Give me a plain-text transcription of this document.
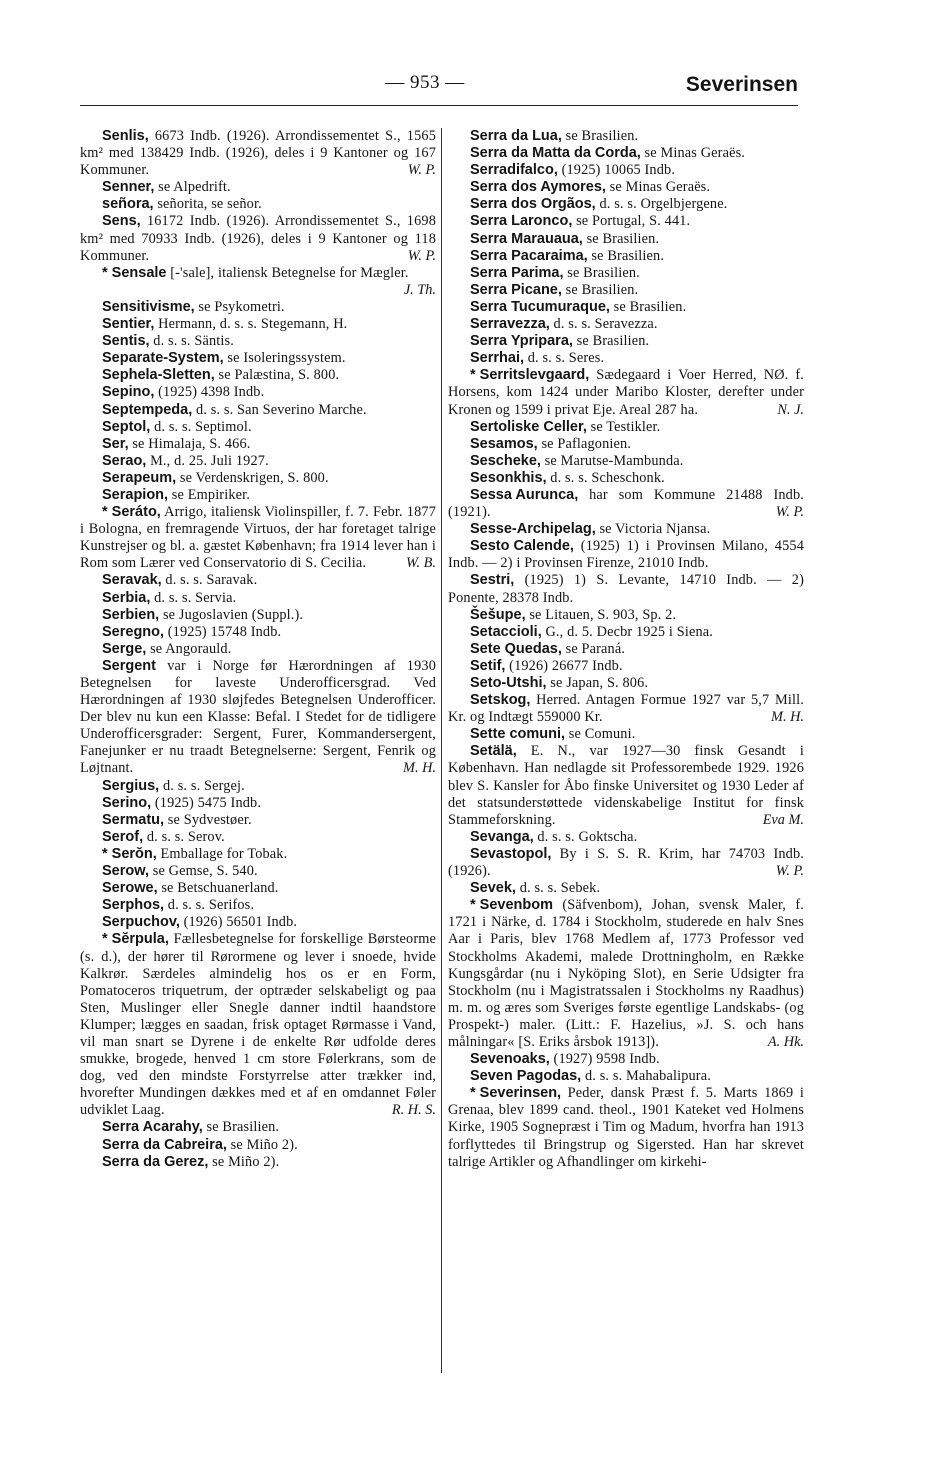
— 953 —	Severinsen

Senlis, 6673 Indb. (1926). Arrondissementet S., 1565 km² med 138429 Indb. (1926), deles i 9 Kantoner og 167 Kommuner.	W. P.

Senner, se Alpedrift.

señora, señorita, se señor.

Sens, 16172 Indb. (1926). Arrondissementet S., 1698 km² med 70933 Indb. (1926), deles i 9 Kantoner og 118 Kommuner.	W. P.

* Sensale [-'sale], italiensk Betegnelse for Mægler.
J. Th.

Sensitivisme, se Psykometri.

Sentier, Hermann, d. s. s. Stegemann, H.

Sentis, d. s. s. Säntis.

Separate-System, se Isoleringssystem.

Sephela-Sletten, se Palæstina, S. 800.

Sepino, (1925) 4398 Indb.

Septempeda, d. s. s. San Severino Marche.

Septol, d. s. s. Septimol.

Ser, se Himalaja, S. 466.

Serao, M., d. 25. Juli 1927.

Serapeum, se Verdenskrigen, S. 800.

Serapion, se Empiriker.

* Seráto, Arrigo, italiensk Violinspiller, f. 7. Febr. 1877 i Bologna, en fremragende Virtuos, der har foretaget talrige Kunstrejser og bl. a. gæstet København; fra 1914 lever han i Rom som Lærer ved Conservatorio di S. Cecilia.	W. B.

Seravak, d. s. s. Saravak.

Serbia, d. s. s. Servia.

Serbien, se Jugoslavien (Suppl.).

Seregno, (1925) 15748 Indb.

Serge, se Angorauld.

Sergent var i Norge før Hærordningen af 1930 Betegnelsen for laveste Underofficersgrad. Ved Hærordningen af 1930 sløjfedes Betegnelsen Underofficer. Der blev nu kun een Klasse: Befal. I Stedet for de tidligere Underofficersgrader: Sergent, Furer, Kommandersergent, Fanejunker er nu traadt Betegnelserne: Sergent, Fenrik og Løjtnant.	M. H.

Sergius, d. s. s. Sergej.

Serino, (1925) 5475 Indb.

Sermatu, se Sydvestøer.

Serof, d. s. s. Serov.

* Serŏn, Emballage for Tobak.

Serow, se Gemse, S. 540.

Serowe, se Betschuanerland.

Serphos, d. s. s. Serifos.

Serpuchov, (1926) 56501 Indb.

* Sĕrpula, Fællesbetegnelse for forskellige Børsteorme (s. d.), der hører til Rørormene og lever i snoede, hvide Kalkrør. Særdeles almindelig hos os er en Form, Pomatoceros triquetrum, der optræder selskabeligt og paa Sten, Muslinger eller Snegle danner indtil haandstore Klumper; lægges en saadan, frisk optaget Rørmasse i Vand, vil man snart se Dyrene i de enkelte Rør udfolde deres smukke, brogede, henved 1 cm store Følerkrans, som de dog, ved den mindste Forstyrrelse atter trækker ind, hvorefter Mundingen dækkes med et af en omdannet Føler udviklet Laag.	R. H. S.

Serra Acarahy, se Brasilien.

Serra da Cabreira, se Miño 2).

Serra da Gerez, se Miño 2).

Serra da Lua, se Brasilien.

Serra da Matta da Corda, se Minas Geraës.

Serradifalco, (1925) 10065 Indb.

Serra dos Aymores, se Minas Geraës.

Serra dos Orgãos, d. s. s. Orgelbjergene.

Serra Laronco, se Portugal, S. 441.

Serra Marauaua, se Brasilien.

Serra Pacaraima, se Brasilien.

Serra Parima, se Brasilien.

Serra Picane, se Brasilien.

Serra Tucumuraque, se Brasilien.

Serravezza, d. s. s. Seravezza.

Serra Ypripara, se Brasilien.

Serrhai, d. s. s. Seres.

* Serritslevgaard, Sædegaard i Voer Herred, NØ. f. Horsens, kom 1424 under Maribo Kloster, derefter under Kronen og 1599 i privat Eje. Areal 287 ha.	N. J.

Sertoliske Celler, se Testikler.

Sesamos, se Paflagonien.

Sescheke, se Marutse-Mambunda.

Sesonkhis, d. s. s. Scheschonk.

Sessa Aurunca, har som Kommune 21488 Indb. (1921).	W. P.

Sesse-Archipelag, se Victoria Njansa.

Sesto Calende, (1925) 1) i Provinsen Milano, 4554 Indb. — 2) i Provinsen Firenze, 21010 Indb.

Sestri, (1925) 1) S. Levante, 14710 Indb. — 2) Ponente, 28378 Indb.

Šešupe, se Litauen, S. 903, Sp. 2.

Setaccioli, G., d. 5. Decbr 1925 i Siena.

Sete Quedas, se Paraná.

Setif, (1926) 26677 Indb.

Seto-Utshi, se Japan, S. 806.

Setskog, Herred. Antagen Formue 1927 var 5,7 Mill. Kr. og Indtægt 559000 Kr.	M. H.

Sette comuni, se Comuni.

Setälä, E. N., var 1927—30 finsk Gesandt i København. Han nedlagde sit Professorembede 1929. 1926 blev S. Kansler for Åbo finske Universitet og 1930 Leder af det statsunderstøttede videnskabelige Institut for finsk Stammeforskning.	Eva M.

Sevanga, d. s. s. Goktscha.

Sevastopol, By i S. S. R. Krim, har 74703 Indb. (1926).	W. P.

Sevek, d. s. s. Sebek.

* Sevenbom (Säfvenbom), Johan, svensk Maler, f. 1721 i Närke, d. 1784 i Stockholm, studerede en halv Snes Aar i Paris, blev 1768 Medlem af, 1773 Professor ved Stockholms Akademi, malede Drottningholm, en Række Kungsgårdar (nu i Nyköping Slot), en Serie Udsigter fra Stockholm (nu i Magistratssalen i Stockholms ny Raadhus) m. m. og æres som Sveriges første egentlige Landskabs- (og Prospekt-) maler. (Litt.: F. Hazelius, »J. S. och hans målningar« [S. Eriks årsbok 1913]).	A. Hk.

Sevenoaks, (1927) 9598 Indb.

Seven Pagodas, d. s. s. Mahabalipura.

* Severinsen, Peder, dansk Præst f. 5. Marts 1869 i Grenaa, blev 1899 cand. theol., 1901 Kateket ved Holmens Kirke, 1905 Sognepræst i Tim og Madum, hvorfra han 1913 forflyttedes til Bringstrup og Sigersted. Han har skrevet talrige Artikler og Afhandlinger om kirkehi-
